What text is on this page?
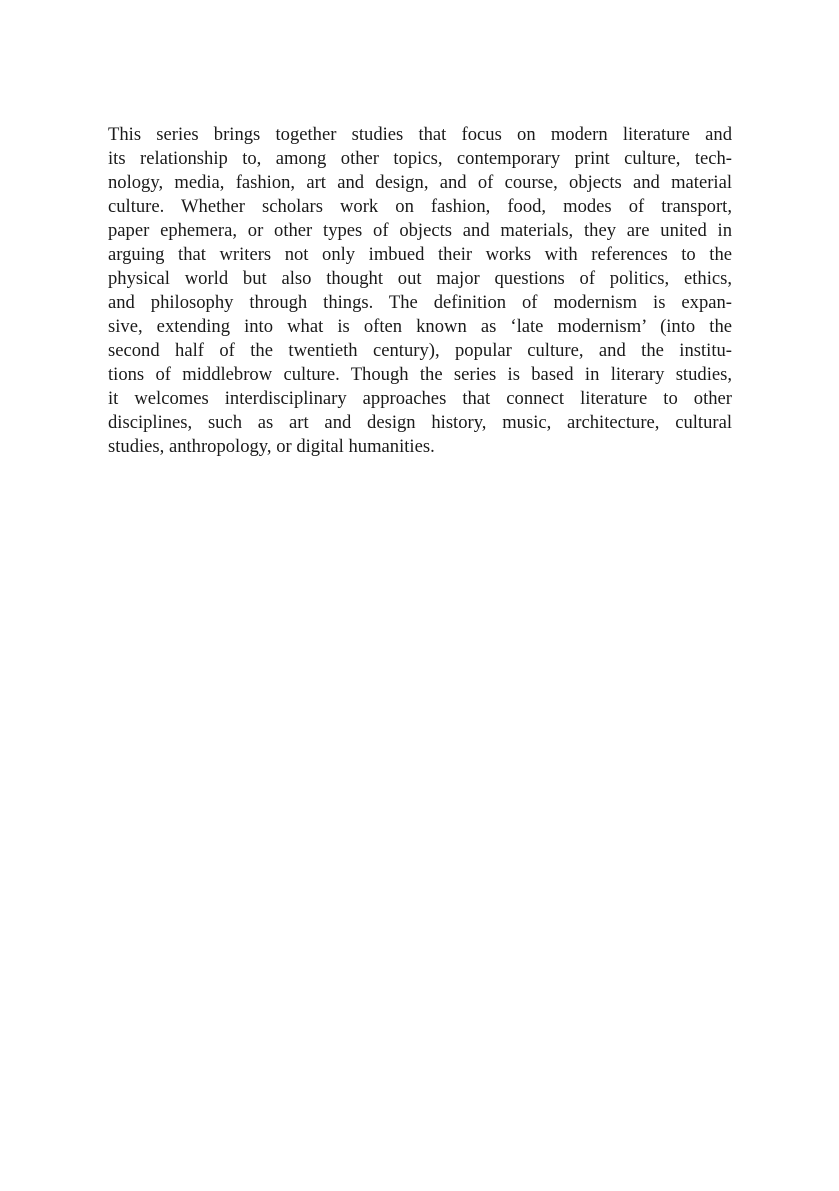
This series brings together studies that focus on modern literature and
its relationship to, among other topics, contemporary print culture, tech-
nology, media, fashion, art and design, and of course, objects and material
culture. Whether scholars work on fashion, food, modes of transport,
paper ephemera, or other types of objects and materials, they are united in
arguing that writers not only imbued their works with references to the
physical world but also thought out major questions of politics, ethics,
and philosophy through things. The definition of modernism is expan-
sive, extending into what is often known as ‘late modernism’ (into the
second half of the twentieth century), popular culture, and the institu-
tions of middlebrow culture. Though the series is based in literary studies,
it welcomes interdisciplinary approaches that connect literature to other
disciplines, such as art and design history, music, architecture, cultural
studies, anthropology, or digital humanities.
